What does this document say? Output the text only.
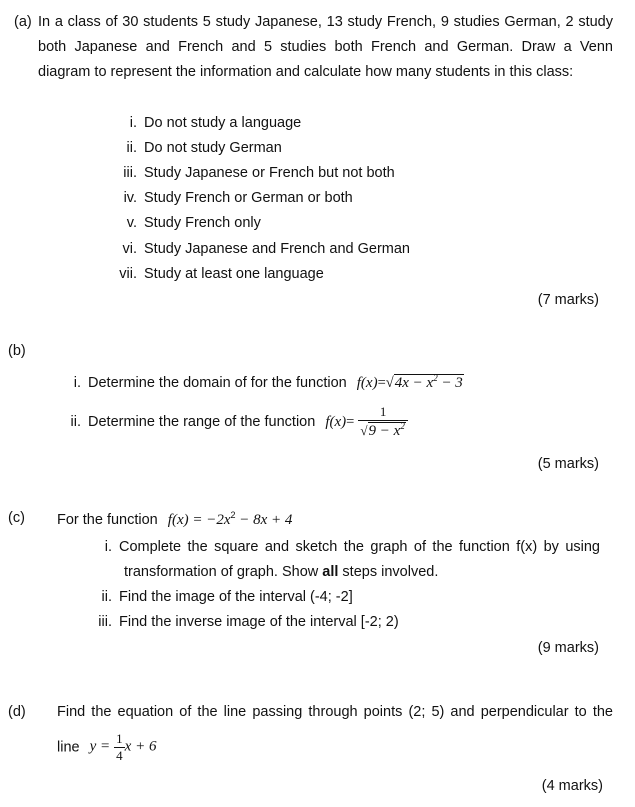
(a) In a class of 30 students 5 study Japanese, 13 study French, 9 studies German, 2 study
both Japanese and French and 5 studies both French and German. Draw a Venn
diagram to represent the information and calculate how many students in this class:
i. Do not study a language
ii. Do not study German
iii. Study Japanese or French but not both
iv. Study French or German or both
v. Study French only
vi. Study Japanese and French and German
vii. Study at least one language
(7 marks)
(b)
i. Determine the domain of for the function $f(x)=√4x - x^2 - 3$
ii. Determine the range of the function $f(x)= \frac{1}{√9 - x^2}$
(5 marks)
(c) For the function $f(x) = -2x^2 - 8x + 4$
i. Complete the square and sketch the graph of the function f(x) by using
transformation of graph. Show all steps involved.
ii. Find the image of the interval (-4; -2]
iii. Find the inverse image of the interval [-2; 2)
(9 marks)
(d) Find the equation of the line passing through points (2; 5) and perpendicular to the
line $y = \frac{1}{4}$ x + 6
(4 marks)
